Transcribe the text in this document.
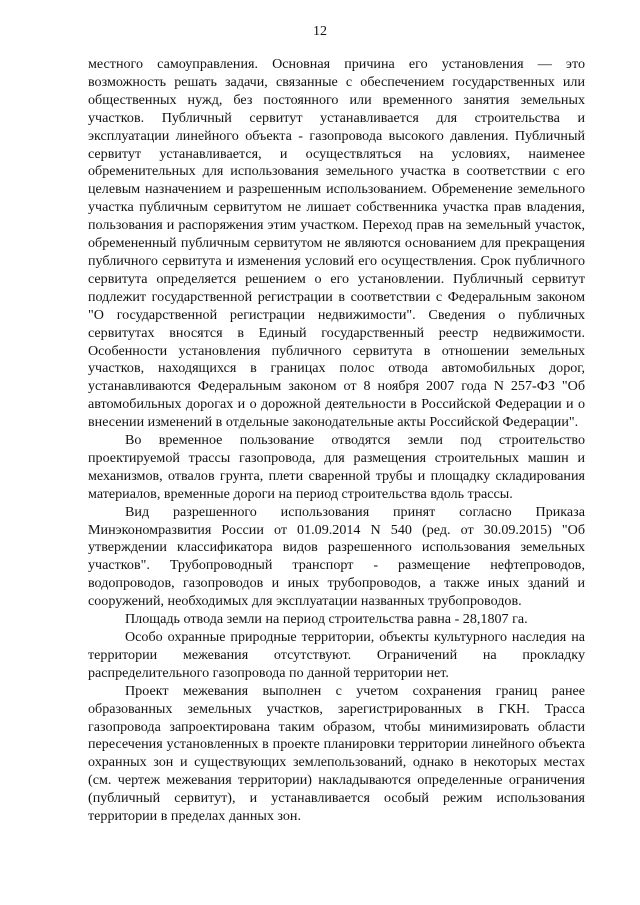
12

местного самоуправления. Основная причина его установления — это возможность решать задачи, связанные с обеспечением государственных или общественных нужд, без постоянного или временного занятия земельных участков. Публичный сервитут устанавливается для строительства и эксплуатации линейного объекта - газопровода высокого давления. Публичный сервитут устанавливается, и осуществляться на условиях, наименее обременительных для использования земельного участка в соответствии с его целевым назначением и разрешенным использованием. Обременение земельного участка публичным сервитутом не лишает собственника участка прав владения, пользования и распоряжения этим участком. Переход прав на земельный участок, обремененный публичным сервитутом не являются основанием для прекращения публичного сервитута и изменения условий его осуществления. Срок публичного сервитута определяется решением о его установлении. Публичный сервитут подлежит государственной регистрации в соответствии с Федеральным законом "О государственной регистрации недвижимости". Сведения о публичных сервитутах вносятся в Единый государственный реестр недвижимости. Особенности установления публичного сервитута в отношении земельных участков, находящихся в границах полос отвода автомобильных дорог, устанавливаются Федеральным законом от 8 ноября 2007 года N 257-ФЗ "Об автомобильных дорогах и о дорожной деятельности в Российской Федерации и о внесении изменений в отдельные законодательные акты Российской Федерации".

Во временное пользование отводятся земли под строительство проектируемой трассы газопровода, для размещения строительных машин и механизмов, отвалов грунта, плети сваренной трубы и площадку складирования материалов, временные дороги на период строительства вдоль трассы.

Вид разрешенного использования принят согласно Приказа Минэкономразвития России от 01.09.2014 N 540 (ред. от 30.09.2015) "Об утверждении классификатора видов разрешенного использования земельных участков". Трубопроводный транспорт - размещение нефтепроводов, водопроводов, газопроводов и иных трубопроводов, а также иных зданий и сооружений, необходимых для эксплуатации названных трубопроводов.

Площадь отвода земли на период строительства равна - 28,1807 га.

Особо охранные природные территории, объекты культурного наследия на территории межевания отсутствуют. Ограничений на прокладку распределительного газопровода по данной территории нет.

Проект межевания выполнен с учетом сохранения границ ранее образованных земельных участков, зарегистрированных в ГКН. Трасса газопровода запроектирована таким образом, чтобы минимизировать области пересечения установленных в проекте планировки территории линейного объекта охранных зон и существующих землепользований, однако в некоторых местах (см. чертеж межевания территории) накладываются определенные ограничения (публичный сервитут), и устанавливается особый режим использования территории в пределах данных зон.
